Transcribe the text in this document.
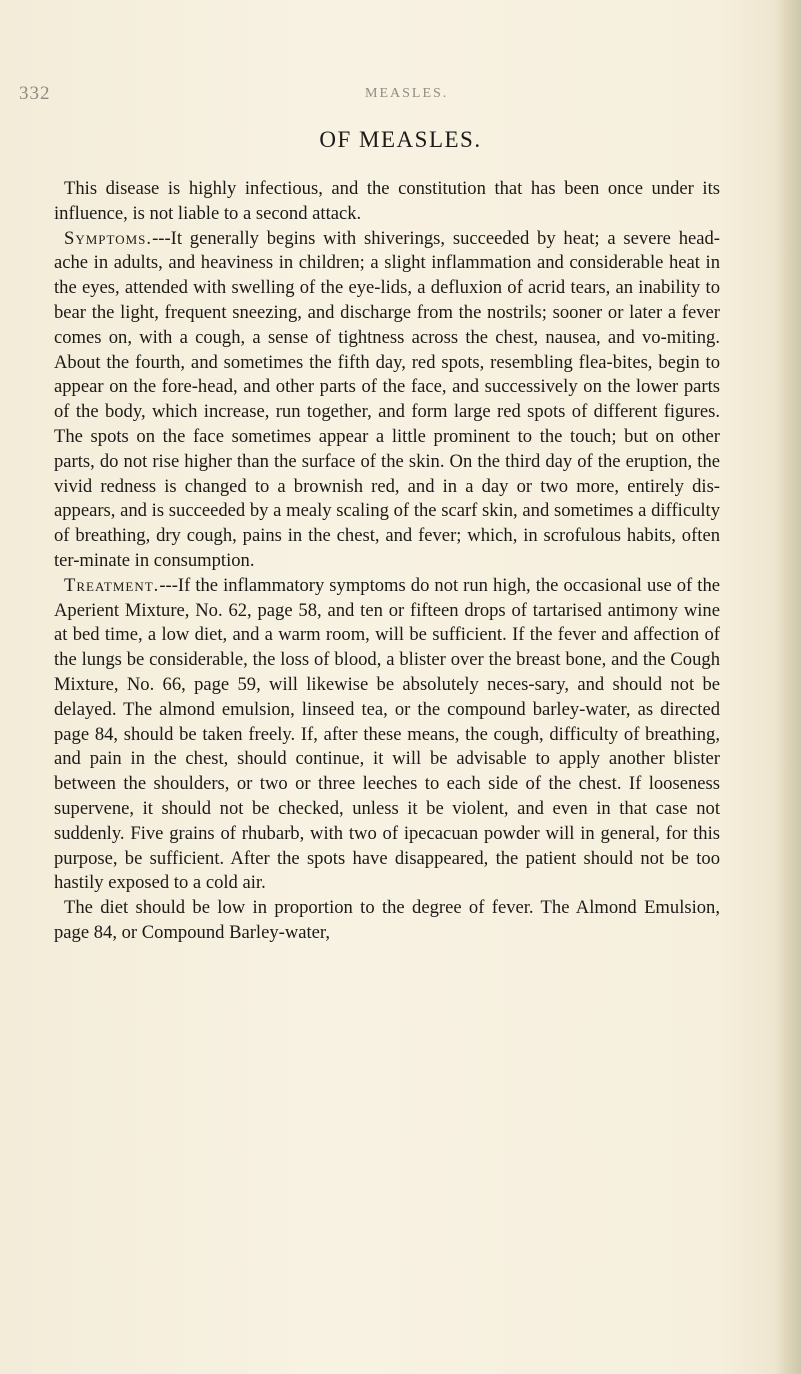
332	MEASLES.
OF MEASLES.

This disease is highly infectious, and the constitution that has been once under its influence, is not liable to a second attack.

Symptoms.---It generally begins with shiverings, succeeded by heat; a severe head-ache in adults, and heaviness in children; a slight inflammation and considerable heat in the eyes, attended with swelling of the eye-lids, a defluxion of acrid tears, an inability to bear the light, frequent sneezing, and discharge from the nostrils; sooner or later a fever comes on, with a cough, a sense of tightness across the chest, nausea, and vo-miting. About the fourth, and sometimes the fifth day, red spots, resembling flea-bites, begin to appear on the fore-head, and other parts of the face, and successively on the lower parts of the body, which increase, run together, and form large red spots of different figures. The spots on the face sometimes appear a little prominent to the touch; but on other parts, do not rise higher than the surface of the skin. On the third day of the eruption, the vivid redness is changed to a brownish red, and in a day or two more, entirely dis-appears, and is succeeded by a mealy scaling of the scarf skin, and sometimes a difficulty of breathing, dry cough, pains in the chest, and fever; which, in scrofulous habits, often ter-minate in consumption.

Treatment.---If the inflammatory symptoms do not run high, the occasional use of the Aperient Mixture, No. 62, page 58, and ten or fifteen drops of tartarised antimony wine at bed time, a low diet, and a warm room, will be sufficient. If the fever and affection of the lungs be considerable, the loss of blood, a blister over the breast bone, and the Cough Mixture, No. 66, page 59, will likewise be absolutely neces-sary, and should not be delayed. The almond emulsion, linseed tea, or the compound barley-water, as directed page 84, should be taken freely. If, after these means, the cough, difficulty of breathing, and pain in the chest, should continue, it will be advisable to apply another blister between the shoulders, or two or three leeches to each side of the chest. If looseness supervene, it should not be checked, unless it be violent, and even in that case not suddenly. Five grains of rhubarb, with two of ipecacuan powder will in general, for this purpose, be sufficient. After the spots have disappeared, the patient should not be too hastily exposed to a cold air.

The diet should be low in proportion to the degree of fever. The Almond Emulsion, page 84, or Compound Barley-water,
